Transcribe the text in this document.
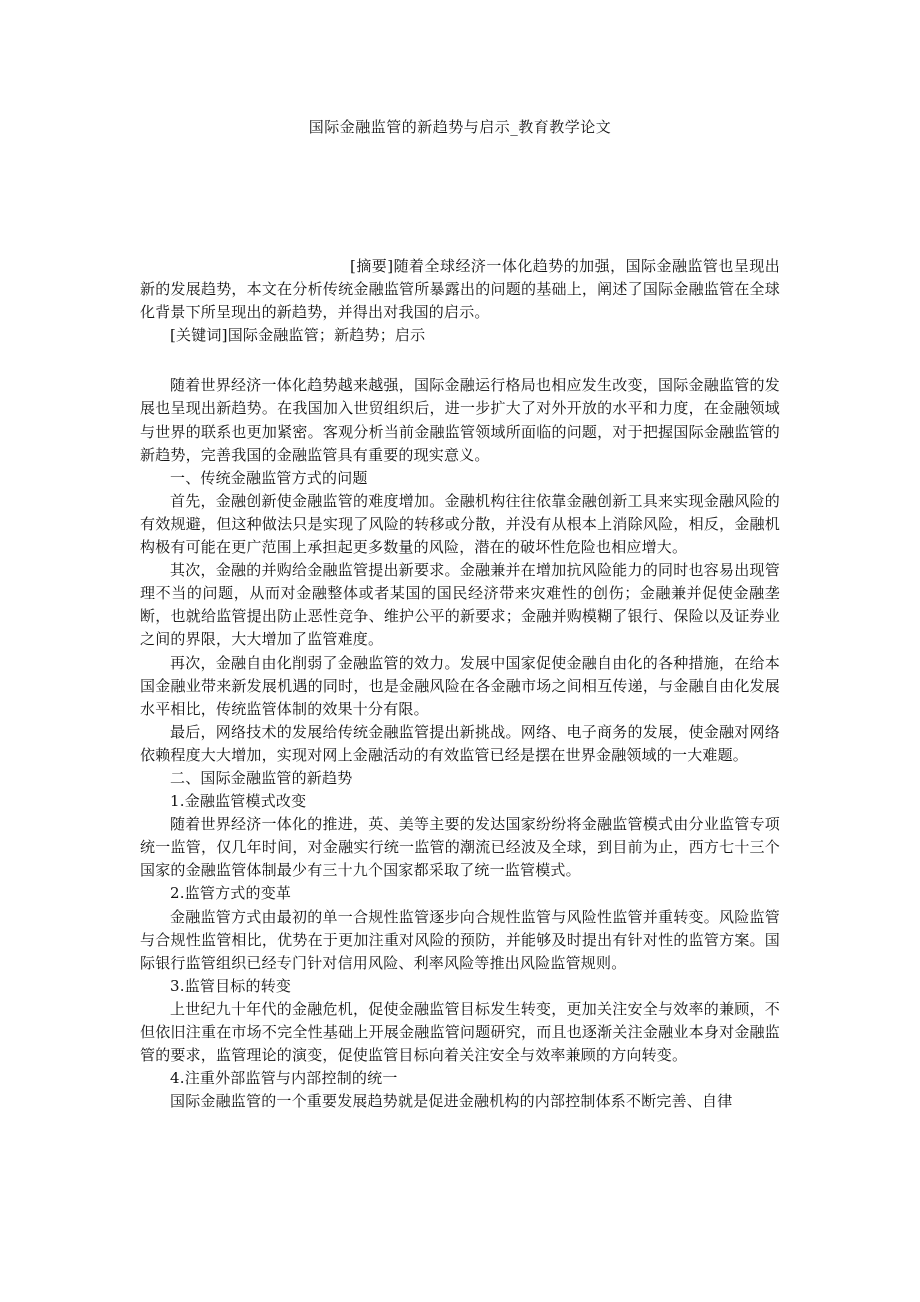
国际金融监管的新趋势与启示_教育教学论文

[摘要]随着全球经济一体化趋势的加强，国际金融监管也呈现出新的发展趋势，本文在分析传统金融监管所暴露出的问题的基础上，阐述了国际金融监管在全球化背景下所呈现出的新趋势，并得出对我国的启示。

[关键词]国际金融监管；新趋势；启示

随着世界经济一体化趋势越来越强，国际金融运行格局也相应发生改变，国际金融监管的发展也呈现出新趋势。在我国加入世贸组织后，进一步扩大了对外开放的水平和力度，在金融领域与世界的联系也更加紧密。客观分析当前金融监管领域所面临的问题，对于把握国际金融监管的新趋势，完善我国的金融监管具有重要的现实意义。

一、传统金融监管方式的问题

首先，金融创新使金融监管的难度增加。金融机构往往依靠金融创新工具来实现金融风险的有效规避，但这种做法只是实现了风险的转移或分散，并没有从根本上消除风险，相反，金融机构极有可能在更广范围上承担起更多数量的风险，潜在的破坏性危险也相应增大。

其次，金融的并购给金融监管提出新要求。金融兼并在增加抗风险能力的同时也容易出现管理不当的问题，从而对金融整体或者某国的国民经济带来灾难性的创伤；金融兼并促使金融垄断，也就给监管提出防止恶性竞争、维护公平的新要求；金融并购模糊了银行、保险以及证券业之间的界限，大大增加了监管难度。

再次，金融自由化削弱了金融监管的效力。发展中国家促使金融自由化的各种措施，在给本国金融业带来新发展机遇的同时，也是金融风险在各金融市场之间相互传递，与金融自由化发展水平相比，传统监管体制的效果十分有限。

最后，网络技术的发展给传统金融监管提出新挑战。网络、电子商务的发展，使金融对网络依赖程度大大增加，实现对网上金融活动的有效监管已经是摆在世界金融领域的一大难题。

二、国际金融监管的新趋势

1.金融监管模式改变

随着世界经济一体化的推进，英、美等主要的发达国家纷纷将金融监管模式由分业监管专项统一监管，仅几年时间，对金融实行统一监管的潮流已经波及全球，到目前为止，西方七十三个国家的金融监管体制最少有三十九个国家都采取了统一监管模式。

2.监管方式的变革

金融监管方式由最初的单一合规性监管逐步向合规性监管与风险性监管并重转变。风险监管与合规性监管相比，优势在于更加注重对风险的预防，并能够及时提出有针对性的监管方案。国际银行监管组织已经专门针对信用风险、利率风险等推出风险监管规则。

3.监管目标的转变

上世纪九十年代的金融危机，促使金融监管目标发生转变，更加关注安全与效率的兼顾，不但依旧注重在市场不完全性基础上开展金融监管问题研究，而且也逐渐关注金融业本身对金融监管的要求，监管理论的演变，促使监管目标向着关注安全与效率兼顾的方向转变。

4.注重外部监管与内部控制的统一

国际金融监管的一个重要发展趋势就是促进金融机构的内部控制体系不断完善、自律
